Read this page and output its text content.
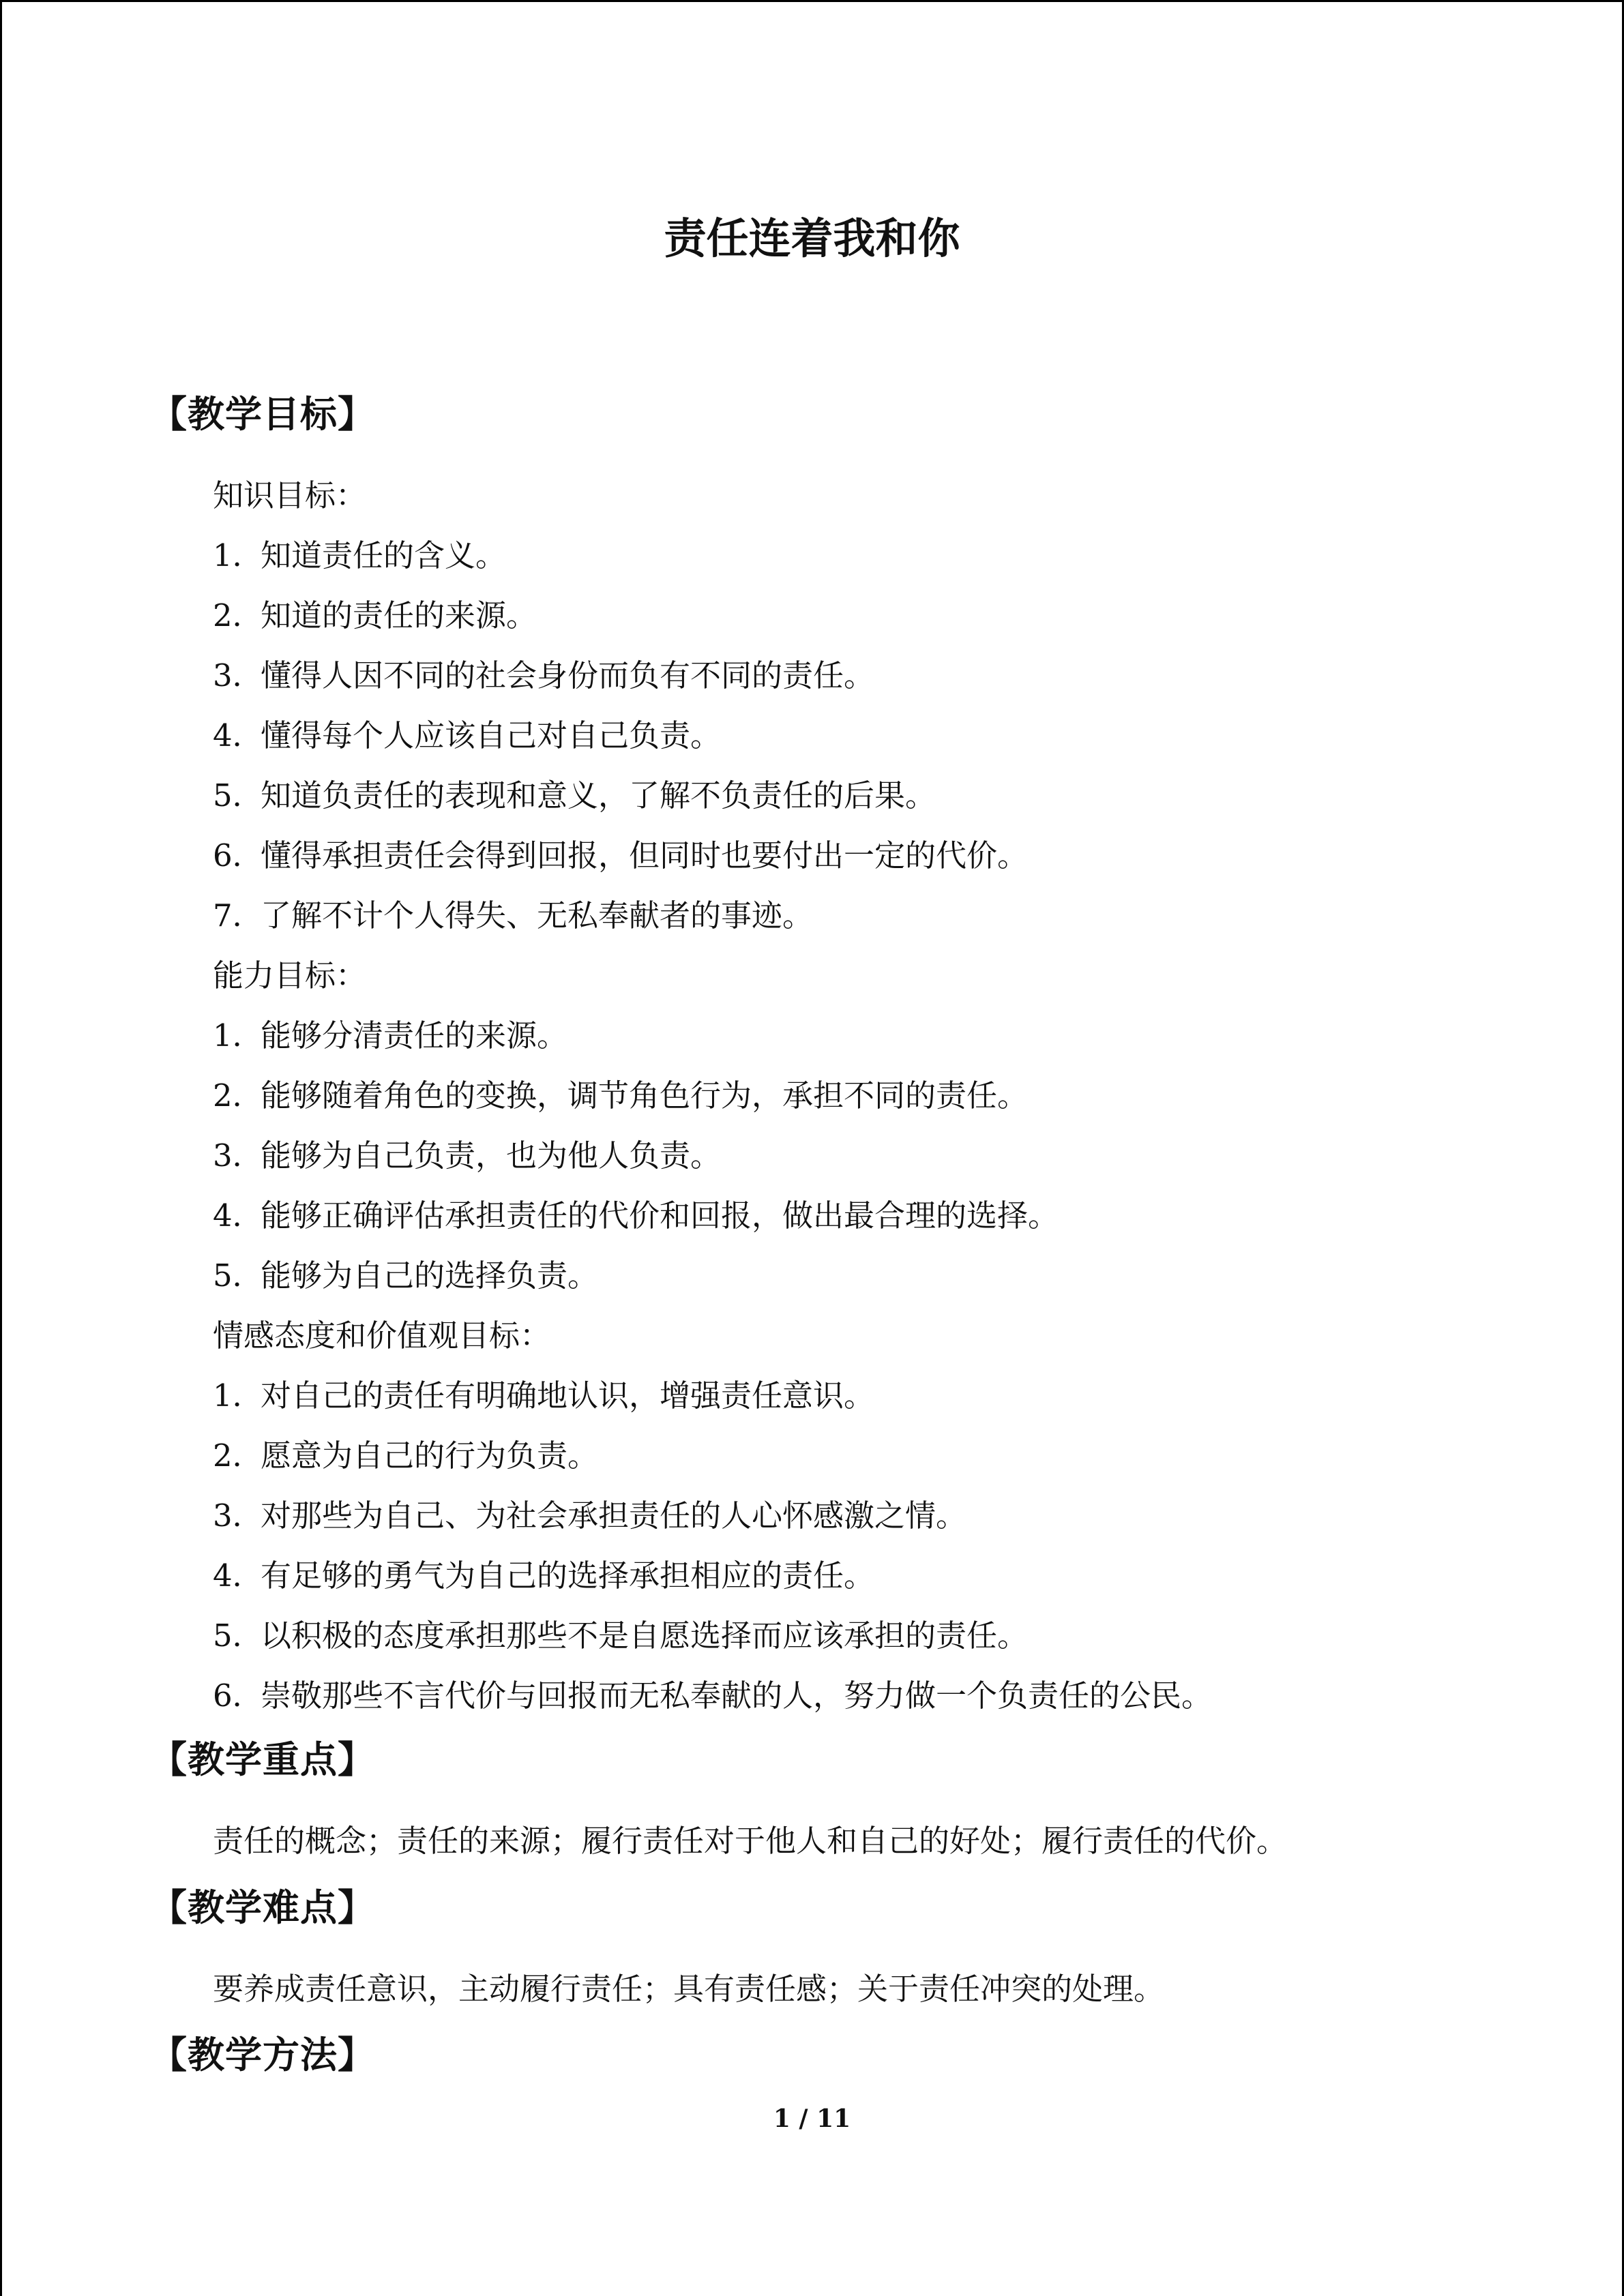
责任连着我和你
【教学目标】
知识目标：
1．知道责任的含义。
2．知道的责任的来源。
3．懂得人因不同的社会身份而负有不同的责任。
4．懂得每个人应该自己对自己负责。
5．知道负责任的表现和意义，了解不负责任的后果。
6．懂得承担责任会得到回报，但同时也要付出一定的代价。
7．了解不计个人得失、无私奉献者的事迹。
能力目标：
1．能够分清责任的来源。
2．能够随着角色的变换，调节角色行为，承担不同的责任。
3．能够为自己负责，也为他人负责。
4．能够正确评估承担责任的代价和回报，做出最合理的选择。
5．能够为自己的选择负责。
情感态度和价值观目标：
1．对自己的责任有明确地认识，增强责任意识。
2．愿意为自己的行为负责。
3．对那些为自己、为社会承担责任的人心怀感激之情。
4．有足够的勇气为自己的选择承担相应的责任。
5．以积极的态度承担那些不是自愿选择而应该承担的责任。
6．崇敬那些不言代价与回报而无私奉献的人，努力做一个负责任的公民。
【教学重点】
责任的概念；责任的来源；履行责任对于他人和自己的好处；履行责任的代价。
【教学难点】
要养成责任意识，主动履行责任；具有责任感；关于责任冲突的处理。
【教学方法】
1 / 11
